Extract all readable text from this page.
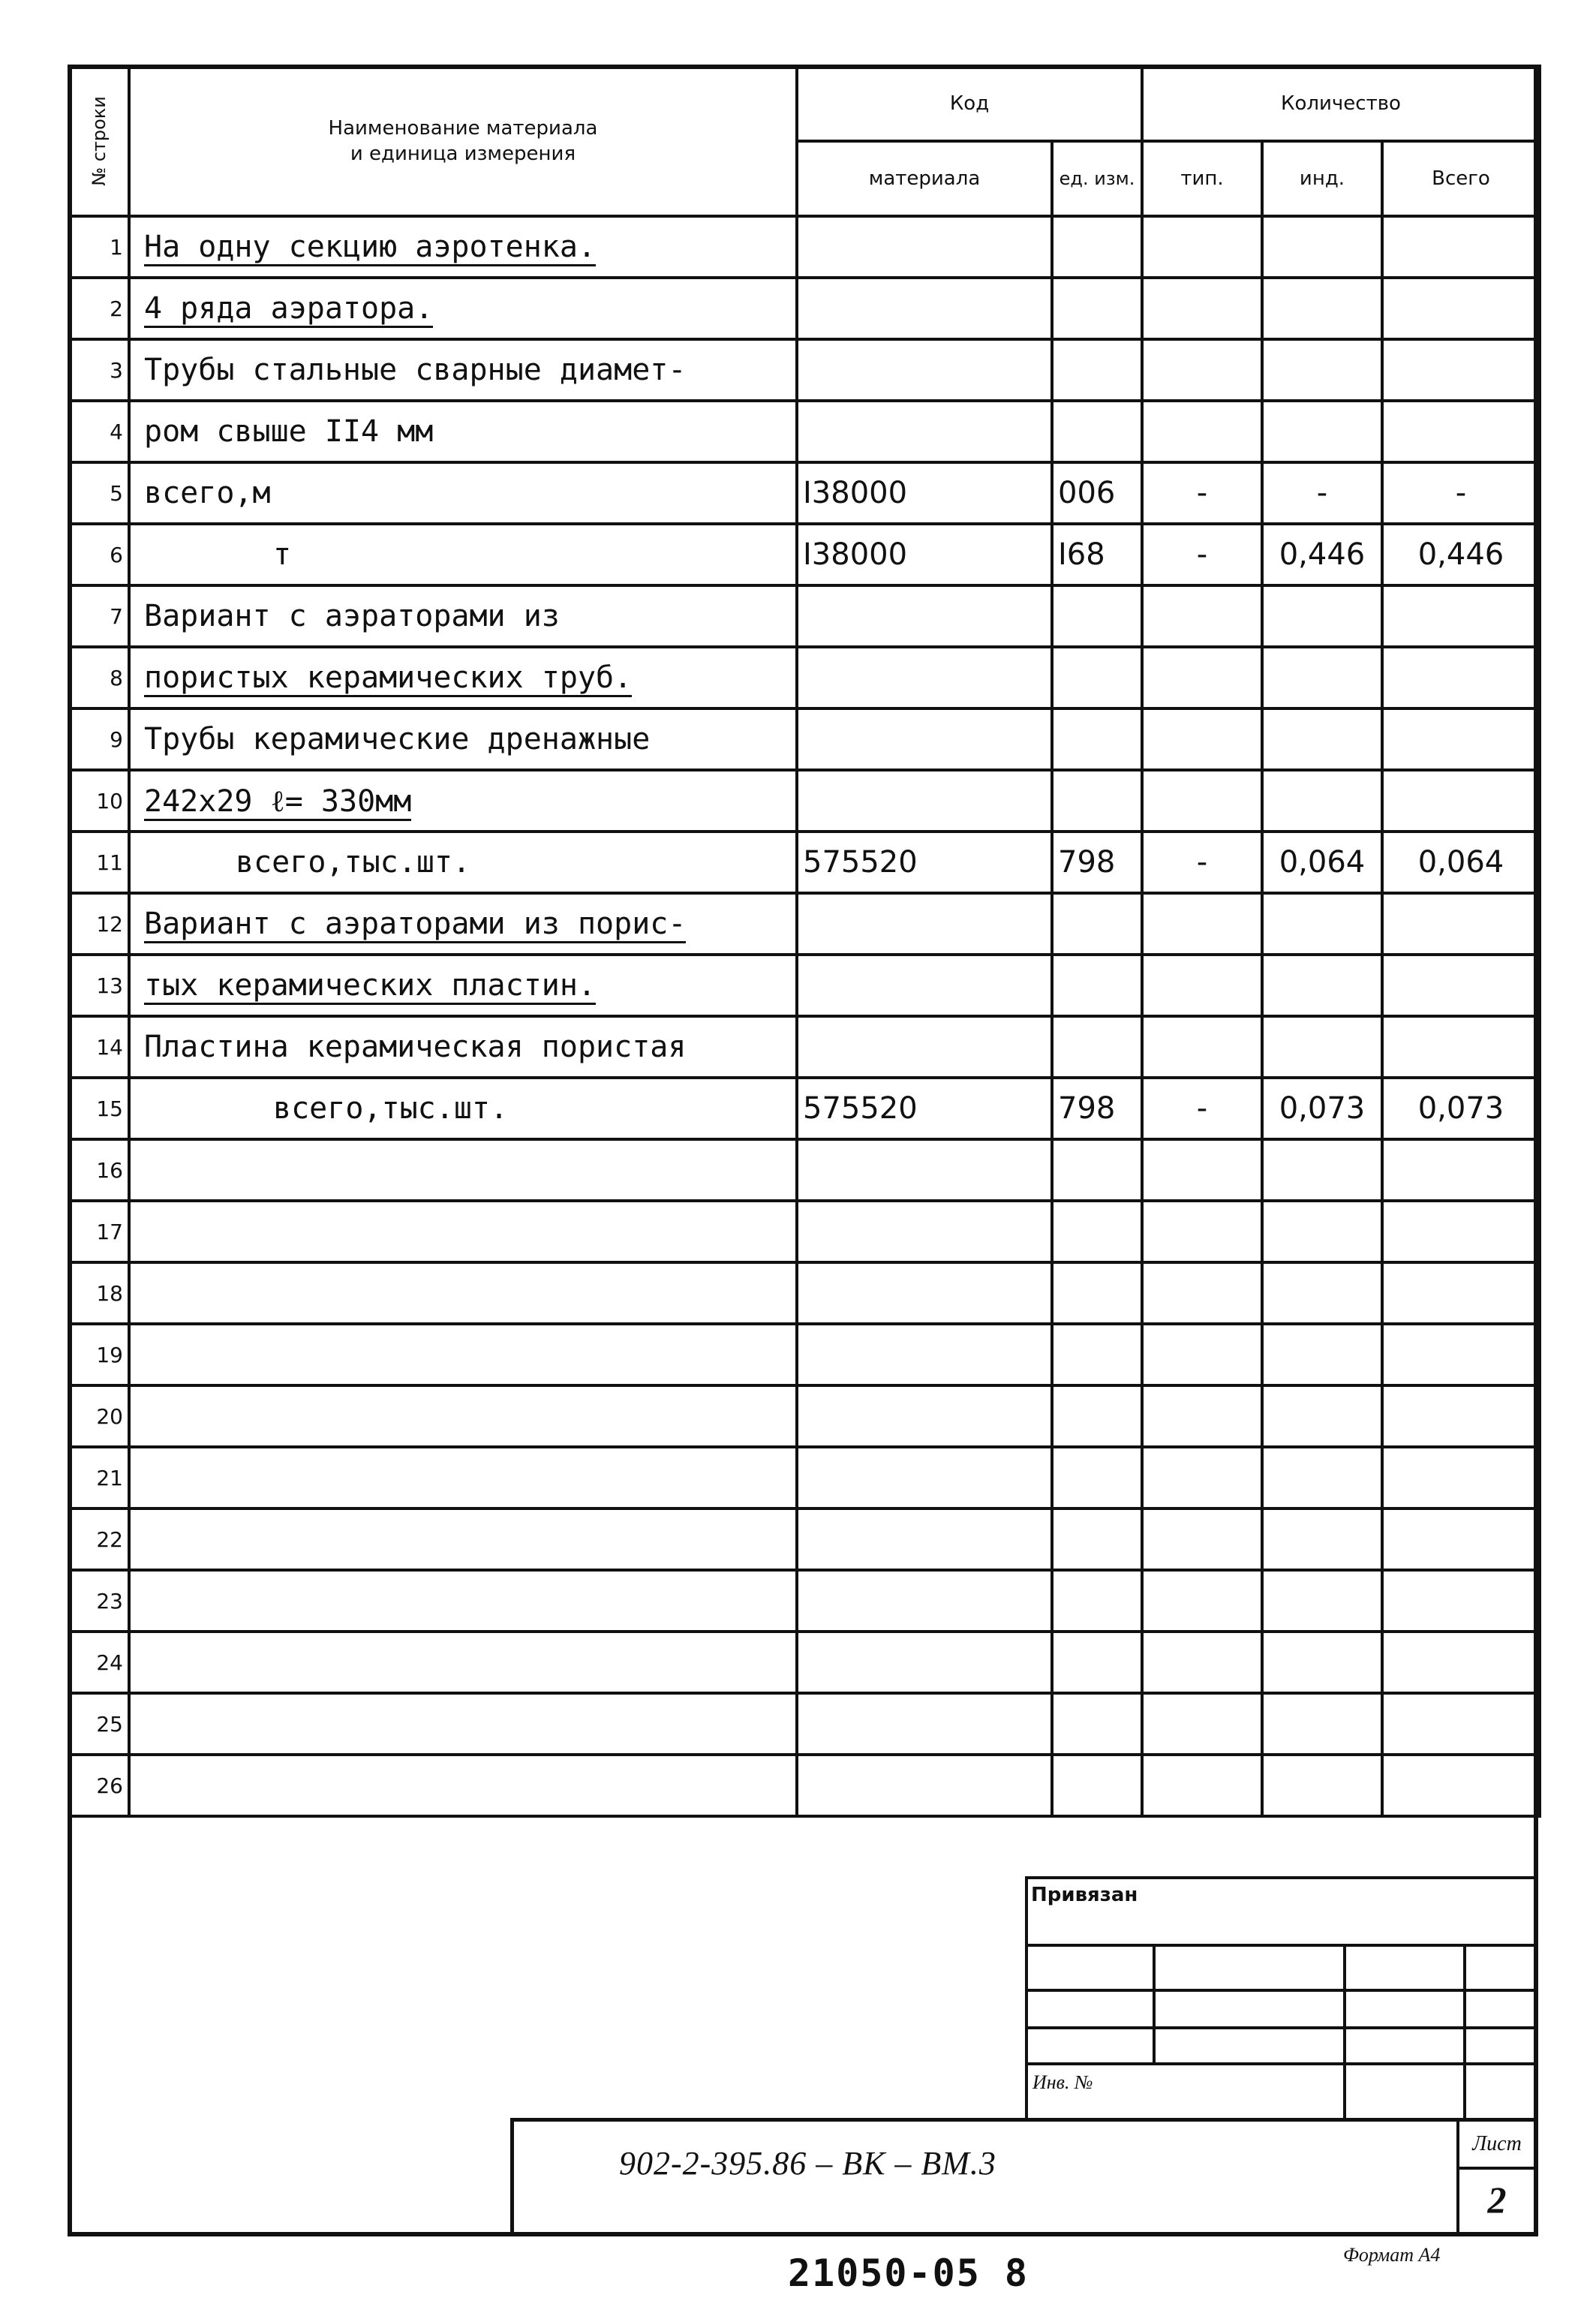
№ строки	Наименование материала
и единица измерения	Код		Количество		
		материала	ед. изм.	тип.	инд.	Всего
1	На одну секцию аэротенка.					
2	4 ряда аэратора.					
3	Трубы стальные сварные диамет-					
4	ром свыше II4 мм					
5	всего,м	I38000	006	-	-	-
6	т	I38000	I68	-	0,446	0,446
7	Вариант с аэраторами из					
8	пористых керамических труб.					
9	Трубы керамические дренажные					
10	242x29 ℓ= 330мм					
11	всего,тыс.шт.	575520	798	-	0,064	0,064
12	Вариант с аэраторами из порис-					
13	тых керамических пластин.					
14	Пластина керамическая пористая					
15	всего,тыс.шт.	575520	798	-	0,073	0,073
16						
17						
18						
19						
20						
21						
22						
23						
24						
25						
26						
Привязан
Инв. №
902-2-395.86 – ВК – ВМ.3
Лист
2
21050-05 8	Формат А4
